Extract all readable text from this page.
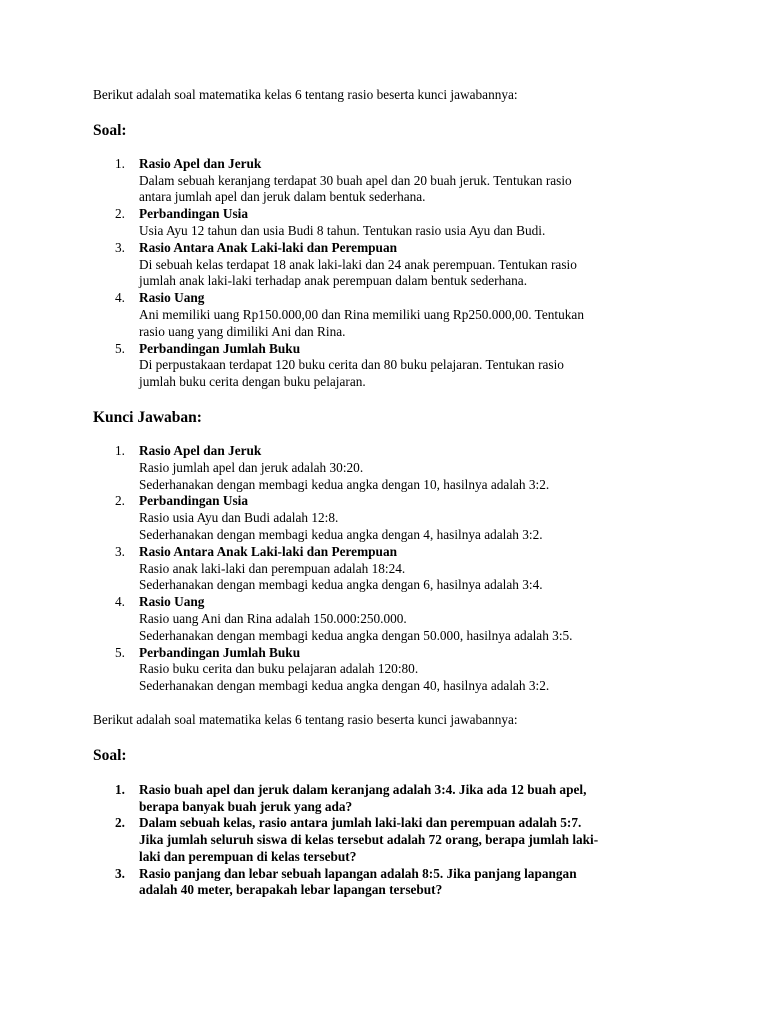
Berikut adalah soal matematika kelas 6 tentang rasio beserta kunci jawabannya:

Soal:
1.	Rasio Apel dan Jeruk
Dalam sebuah keranjang terdapat 30 buah apel dan 20 buah jeruk. Tentukan rasio
antara jumlah apel dan jeruk dalam bentuk sederhana.
2.	Perbandingan Usia
Usia Ayu 12 tahun dan usia Budi 8 tahun. Tentukan rasio usia Ayu dan Budi.
3.	Rasio Antara Anak Laki-laki dan Perempuan
Di sebuah kelas terdapat 18 anak laki-laki dan 24 anak perempuan. Tentukan rasio
jumlah anak laki-laki terhadap anak perempuan dalam bentuk sederhana.
4.	Rasio Uang
Ani memiliki uang Rp150.000,00 dan Rina memiliki uang Rp250.000,00. Tentukan
rasio uang yang dimiliki Ani dan Rina.
5.	Perbandingan Jumlah Buku
Di perpustakaan terdapat 120 buku cerita dan 80 buku pelajaran. Tentukan rasio
jumlah buku cerita dengan buku pelajaran.
Kunci Jawaban:
1.	Rasio Apel dan Jeruk
Rasio jumlah apel dan jeruk adalah 30:20.
Sederhanakan dengan membagi kedua angka dengan 10, hasilnya adalah 3:2.
2.	Perbandingan Usia
Rasio usia Ayu dan Budi adalah 12:8.
Sederhanakan dengan membagi kedua angka dengan 4, hasilnya adalah 3:2.
3.	Rasio Antara Anak Laki-laki dan Perempuan
Rasio anak laki-laki dan perempuan adalah 18:24.
Sederhanakan dengan membagi kedua angka dengan 6, hasilnya adalah 3:4.
4.	Rasio Uang
Rasio uang Ani dan Rina adalah 150.000:250.000.
Sederhanakan dengan membagi kedua angka dengan 50.000, hasilnya adalah 3:5.
5.	Perbandingan Jumlah Buku
Rasio buku cerita dan buku pelajaran adalah 120:80.
Sederhanakan dengan membagi kedua angka dengan 40, hasilnya adalah 3:2.

Berikut adalah soal matematika kelas 6 tentang rasio beserta kunci jawabannya:

Soal:
1.	Rasio buah apel dan jeruk dalam keranjang adalah 3:4. Jika ada 12 buah apel,
berapa banyak buah jeruk yang ada?
2.	Dalam sebuah kelas, rasio antara jumlah laki-laki dan perempuan adalah 5:7.
Jika jumlah seluruh siswa di kelas tersebut adalah 72 orang, berapa jumlah laki-
laki dan perempuan di kelas tersebut?
3.	Rasio panjang dan lebar sebuah lapangan adalah 8:5. Jika panjang lapangan
adalah 40 meter, berapakah lebar lapangan tersebut?
